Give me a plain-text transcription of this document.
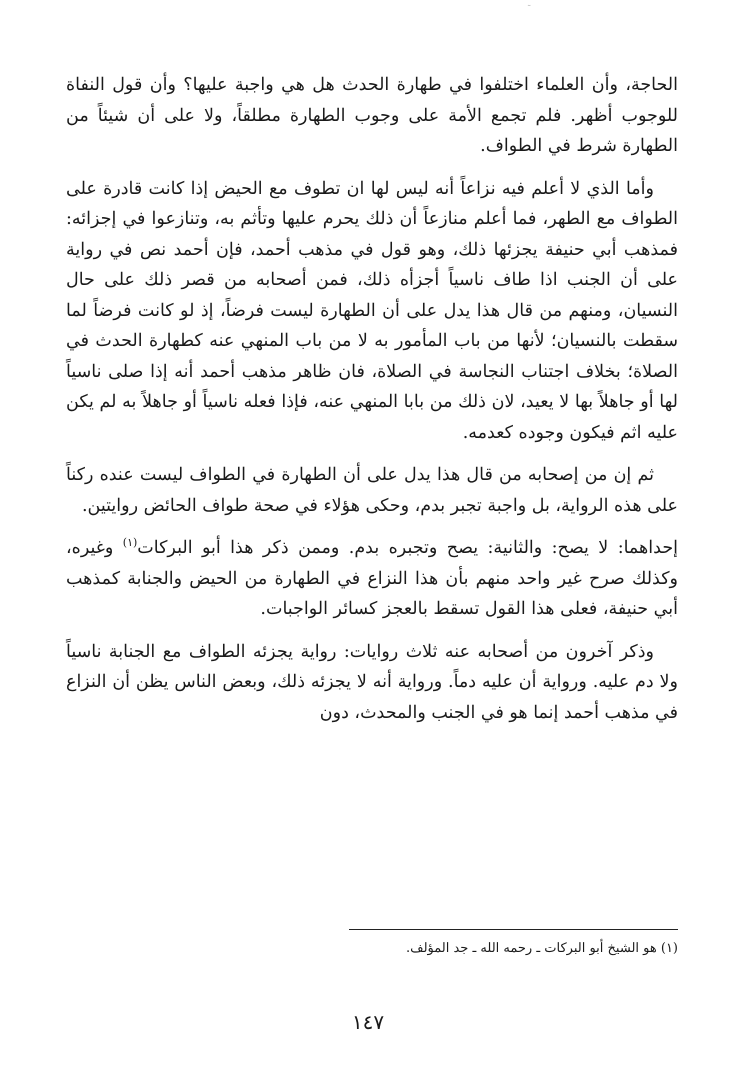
الحاجة، وأن العلماء اختلفوا في طهارة الحدث هل هي واجبة عليها؟ وأن قول النفاة للوجوب أظهر. فلم تجمع الأمة على وجوب الطهارة مطلقاً، ولا على أن شيئاً من الطهارة شرط في الطواف.

وأما الذي لا أعلم فيه نزاعاً أنه ليس لها ان تطوف مع الحيض إذا كانت قادرة على الطواف مع الطهر، فما أعلم منازعاً أن ذلك يحرم عليها وتأثم به، وتنازعوا في إجزائه: فمذهب أبي حنيفة يجزئها ذلك، وهو قول في مذهب أحمد، فإن أحمد نص في رواية على أن الجنب اذا طاف ناسياً أجزأه ذلك، فمن أصحابه من قصر ذلك على حال النسيان، ومنهم من قال هذا يدل على أن الطهارة ليست فرضاً، إذ لو كانت فرضاً لما سقطت بالنسيان؛ لأنها من باب المأمور به لا من باب المنهي عنه كطهارة الحدث في الصلاة؛ بخلاف اجتناب النجاسة في الصلاة، فان ظاهر مذهب أحمد أنه إذا صلى ناسياً لها أو جاهلاً بها لا يعيد، لان ذلك من بابا المنهي عنه، فإذا فعله ناسياً أو جاهلاً به لم يكن عليه اثم فيكون وجوده كعدمه.

ثم إن من إصحابه من قال هذا يدل على أن الطهارة في الطواف ليست عنده ركناً على هذه الرواية، بل واجبة تجبر بدم، وحكى هؤلاء في صحة طواف الحائض روايتين.

إحداهما: لا يصح: والثانية: يصح وتجبره بدم. وممن ذكر هذا أبو البركات$^{(١)}$ وغيره، وكذلك صرح غير واحد منهم بأن هذا النزاع في الطهارة من الحيض والجنابة كمذهب أبي حنيفة، فعلى هذا القول تسقط بالعجز كسائر الواجبات.

وذكر آخرون من أصحابه عنه ثلاث روايات: رواية يجزئه الطواف مع الجنابة ناسياً ولا دم عليه. ورواية أن عليه دماً. ورواية أنه لا يجزئه ذلك، وبعض الناس يظن أن النزاع في مذهب أحمد إنما هو في الجنب والمحدث، دون

(١) هو الشيخ أبو البركات ـ رحمه الله ـ جد المؤلف.
١٤٧
